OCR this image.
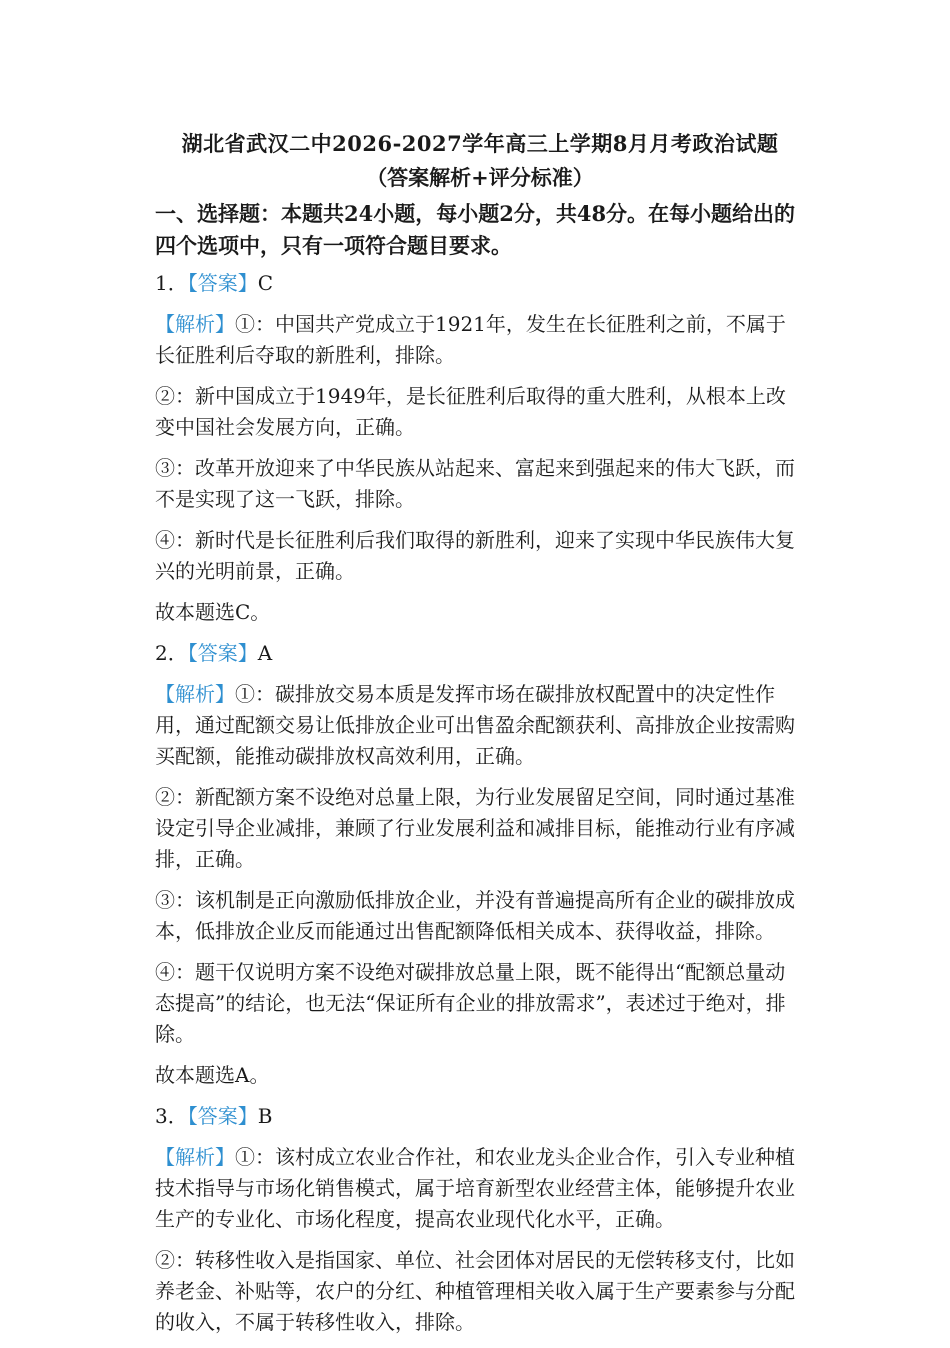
湖北省武汉二中2026-2027学年高三上学期8月月考政治试题
（答案解析+评分标准）
一、选择题：本题共24小题，每小题2分，共48分。在每小题给出的四个选项中，只有一项符合题目要求。
1．【答案】C
【解析】①：中国共产党成立于1921年，发生在长征胜利之前，不属于长征胜利后夺取的新胜利，排除。
②：新中国成立于1949年，是长征胜利后取得的重大胜利，从根本上改变中国社会发展方向，正确。
③：改革开放迎来了中华民族从站起来、富起来到强起来的伟大飞跃，而不是实现了这一飞跃，排除。
④：新时代是长征胜利后我们取得的新胜利，迎来了实现中华民族伟大复兴的光明前景，正确。
故本题选C。
2．【答案】A
【解析】①：碳排放交易本质是发挥市场在碳排放权配置中的决定性作用，通过配额交易让低排放企业可出售盈余配额获利、高排放企业按需购买配额，能推动碳排放权高效利用，正确。
②：新配额方案不设绝对总量上限，为行业发展留足空间，同时通过基准设定引导企业减排，兼顾了行业发展利益和减排目标，能推动行业有序减排，正确。
③：该机制是正向激励低排放企业，并没有普遍提高所有企业的碳排放成本，低排放企业反而能通过出售配额降低相关成本、获得收益，排除。
④：题干仅说明方案不设绝对碳排放总量上限，既不能得出“配额总量动态提高”的结论，也无法“保证所有企业的排放需求”，表述过于绝对，排除。
故本题选A。
3．【答案】B
【解析】①：该村成立农业合作社，和农业龙头企业合作，引入专业种植技术指导与市场化销售模式，属于培育新型农业经营主体，能够提升农业生产的专业化、市场化程度，提高农业现代化水平，正确。
②：转移性收入是指国家、单位、社会团体对居民的无偿转移支付，比如养老金、补贴等，农户的分红、种植管理相关收入属于生产要素参与分配的收入，不属于转移性收入，排除。
